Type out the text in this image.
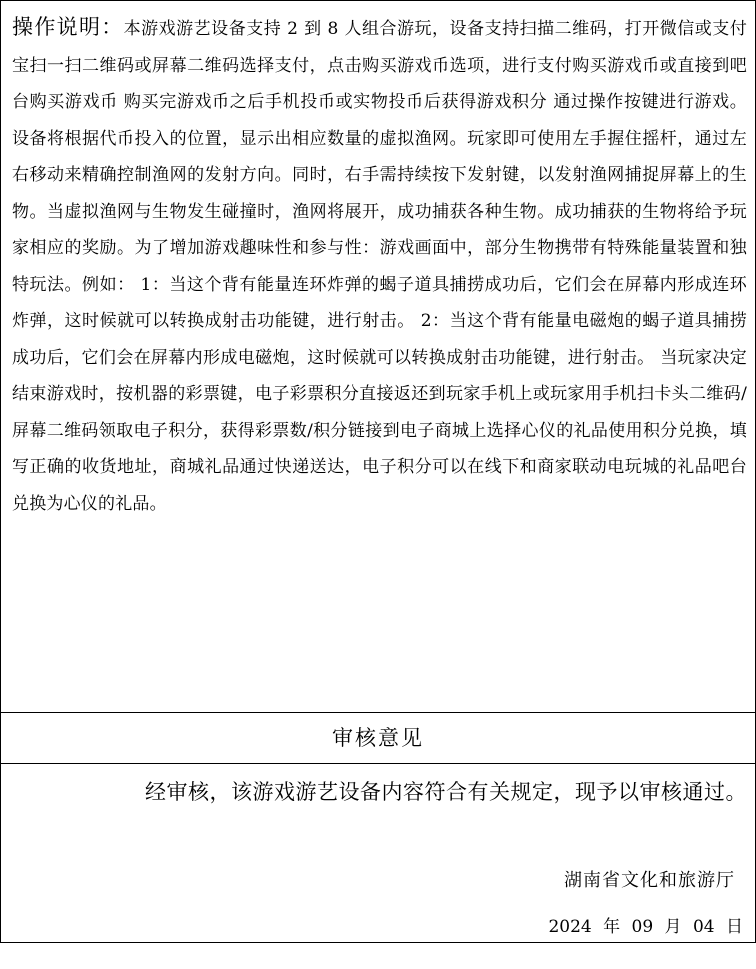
操作说明：本游戏游艺设备支持 2 到 8 人组合游玩，设备支持扫描二维码，打开微信或支付宝扫一扫二维码或屏幕二维码选择支付，点击购买游戏币选项，进行支付购买游戏币或直接到吧台购买游戏币 购买完游戏币之后手机投币或实物投币后获得游戏积分 通过操作按键进行游戏。 设备将根据代币投入的位置，显示出相应数量的虚拟渔网。玩家即可使用左手握住摇杆，通过左右移动来精确控制渔网的发射方向。同时，右手需持续按下发射键，以发射渔网捕捉屏幕上的生物。当虚拟渔网与生物发生碰撞时，渔网将展开，成功捕获各种生物。成功捕获的生物将给予玩家相应的奖励。为了增加游戏趣味性和参与性：游戏画面中，部分生物携带有特殊能量装置和独特玩法。例如： 1：当这个背有能量连环炸弹的蝎子道具捕捞成功后，它们会在屏幕内形成连环炸弹，这时候就可以转换成射击功能键，进行射击。 2：当这个背有能量电磁炮的蝎子道具捕捞成功后，它们会在屏幕内形成电磁炮，这时候就可以转换成射击功能键，进行射击。 当玩家决定结束游戏时，按机器的彩票键，电子彩票积分直接返还到玩家手机上或玩家用手机扫卡头二维码/屏幕二维码领取电子积分，获得彩票数/积分链接到电子商城上选择心仪的礼品使用积分兑换，填写正确的收货地址，商城礼品通过快递送达，电子积分可以在线下和商家联动电玩城的礼品吧台兑换为心仪的礼品。
审核意见
经审核，该游戏游艺设备内容符合有关规定，现予以审核通过。
湖南省文化和旅游厅
2024 年 09 月 04 日
